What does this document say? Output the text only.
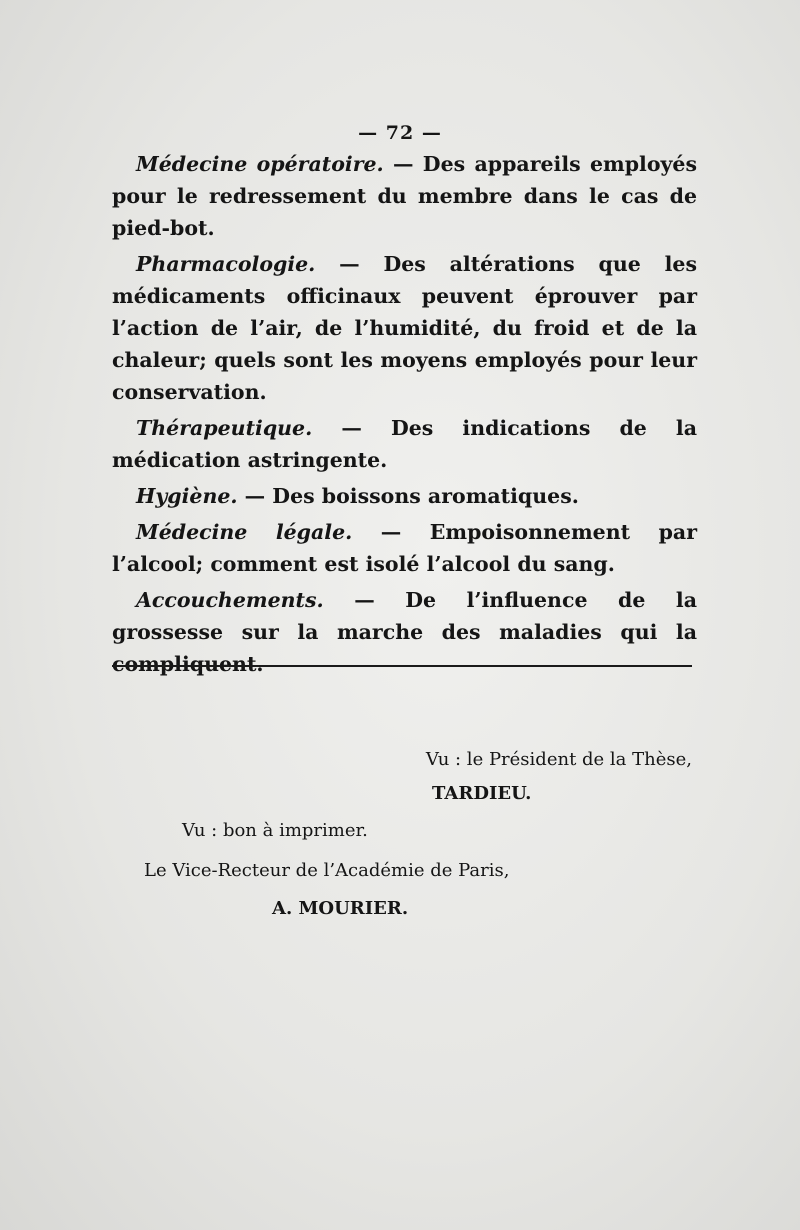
— 72 —

Médecine opératoire. — Des appareils employés pour le redressement du membre dans le cas de pied-bot.

Pharmacologie. — Des altérations que les médicaments officinaux peuvent éprouver par l’action de l’air, de l’humidité, du froid et de la chaleur; quels sont les moyens employés pour leur conservation.

Thérapeutique. — Des indications de la médication astringente.

Hygiène. — Des boissons aromatiques.

Médecine légale. — Empoisonnement par l’alcool; comment est isolé l’alcool du sang.

Accouchements. — De l’influence de la grossesse sur la marche des maladies qui la compliquent.

Vu : le Président de la Thèse,
TARDIEU.
Vu : bon à imprimer.
Le Vice-Recteur de l’Académie de Paris,
A. MOURIER.
